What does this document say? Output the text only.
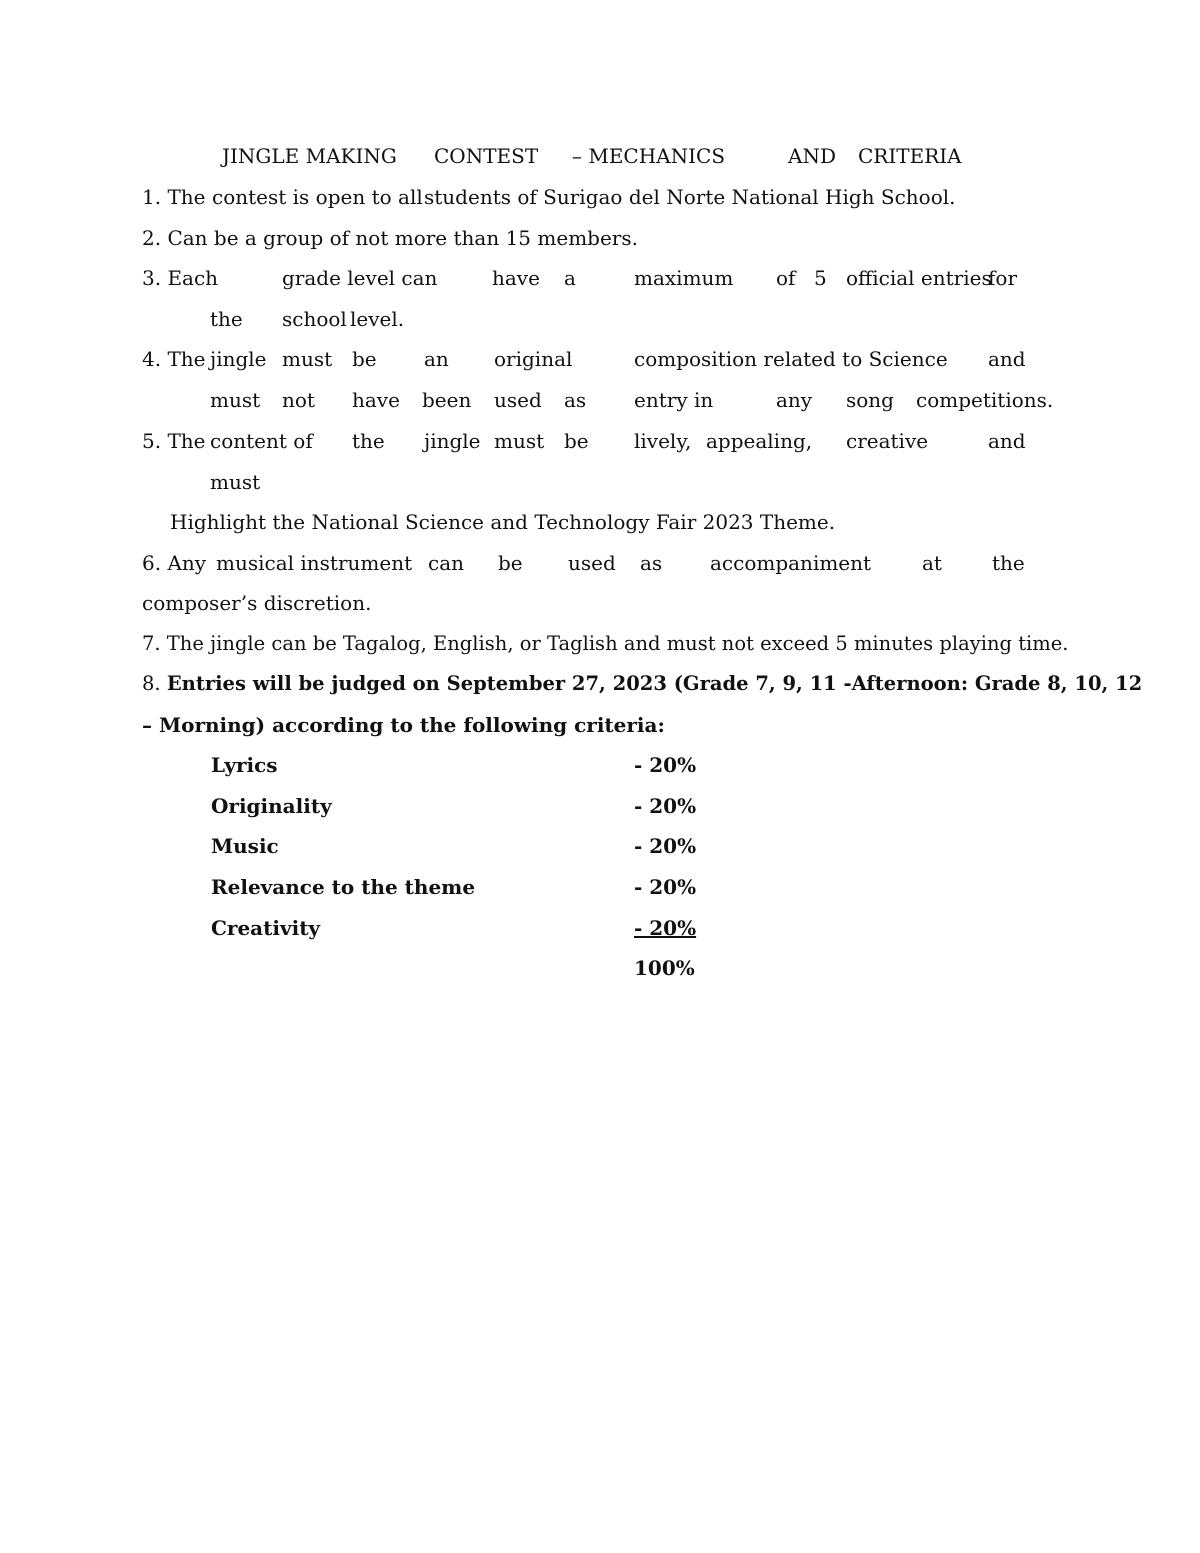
JINGLE MAKING CONTEST – MECHANICS	AND CRITERIA
1. The contest is open to all students of Surigao del Norte National High School.
2. Can be a group of not more than 15 members.
3. Each	grade level can	have a	maximum of 5 official entries
for
the school level.
4. The jingle must be an original	composition related to Science and
must not have been used as entry in	any song competitions.
5. The content of the jingle must be lively, appealing, creative	and
must
Highlight the National Science and Technology Fair 2023 Theme.
6. Any musical instrument can be used as accompaniment	at	the
composer’s discretion.
7. The jingle can be Tagalog, English, or Taglish and must not exceed 5 minutes playing time.
8. Entries will be judged on September 27, 2023 (Grade 7, 9, 11 -Afternoon: Grade 8, 10, 12
– Morning) according to the following criteria:
Lyrics	- 20%
Originality	- 20%
Music	- 20%
Relevance to the theme	- 20%
Creativity	- 20%
100%
